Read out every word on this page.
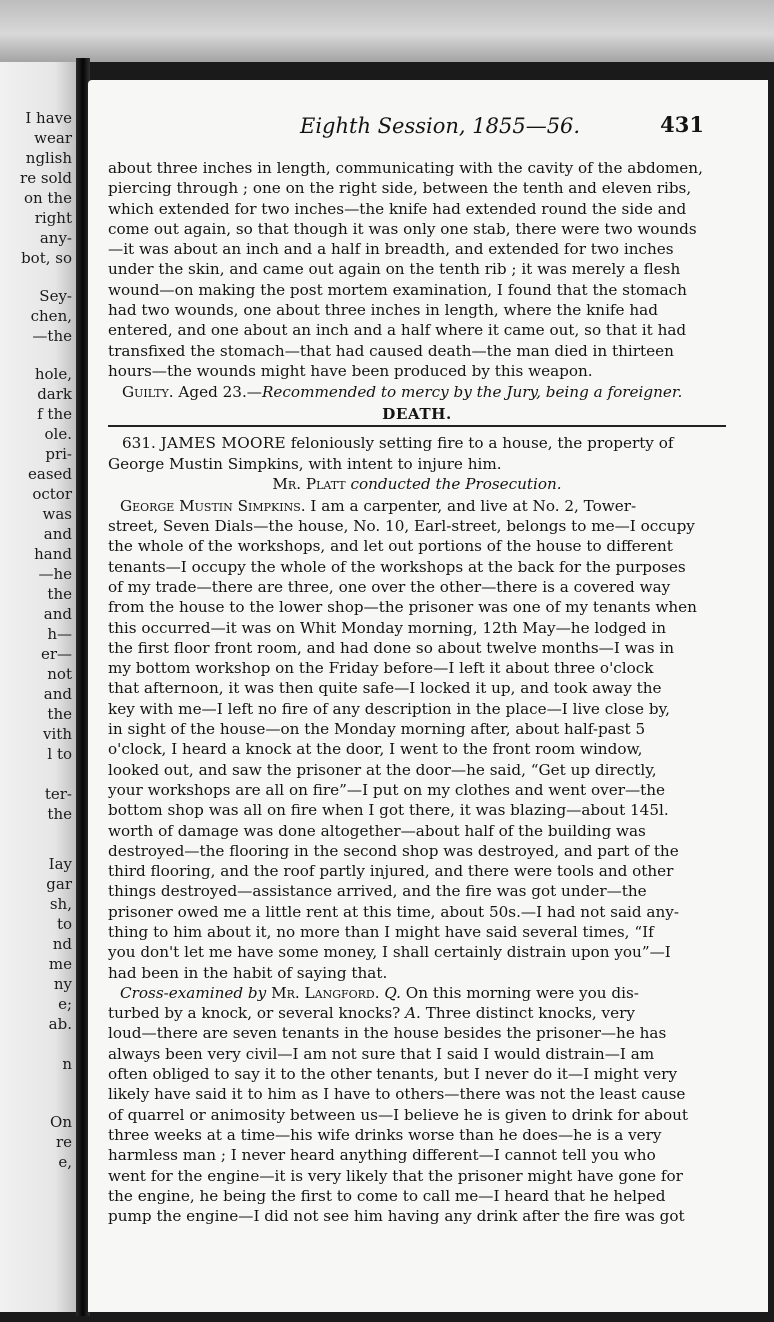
I have
wear
nglish
re sold
on the
right
any-
bot, so
Sey-
chen,
—the
hole,
dark
f the
ole.
pri-
eased
octor
was
and
hand
—he
the
and
h—
er—
not
and
the
vith
l to
ter-
the
Iay
gar
sh,
to
nd
me
ny
e;
ab.
n
On
re
e,
Eighth Session, 1855—56.	431

about three inches in length, communicating with the cavity of the abdomen,

piercing through ; one on the right side, between the tenth and eleven ribs,

which extended for two inches—the knife had extended round the side and

come out again, so that though it was only one stab, there were two wounds

—it was about an inch and a half in breadth, and extended for two inches

under the skin, and came out again on the tenth rib ; it was merely a flesh

wound—on making the post mortem examination, I found that the stomach

had two wounds, one about three inches in length, where the knife had

entered, and one about an inch and a half where it came out, so that it had

transfixed the stomach—that had caused death—the man died in thirteen

hours—the wounds might have been produced by this weapon.

Guilty. Aged 23.—Recommended to mercy by the Jury, being a foreigner.

DEATH.

631. JAMES MOORE feloniously setting fire to a house, the property of

George Mustin Simpkins, with intent to injure him.

Mr. Platt conducted the Prosecution.

George Mustin Simpkins. I am a carpenter, and live at No. 2, Tower-

street, Seven Dials—the house, No. 10, Earl-street, belongs to me—I occupy

the whole of the workshops, and let out portions of the house to different

tenants—I occupy the whole of the workshops at the back for the purposes

of my trade—there are three, one over the other—there is a covered way

from the house to the lower shop—the prisoner was one of my tenants when

this occurred—it was on Whit Monday morning, 12th May—he lodged in

the first floor front room, and had done so about twelve months—I was in

my bottom workshop on the Friday before—I left it about three o'clock

that afternoon, it was then quite safe—I locked it up, and took away the

key with me—I left no fire of any description in the place—I live close by,

in sight of the house—on the Monday morning after, about half-past 5

o'clock, I heard a knock at the door, I went to the front room window,

looked out, and saw the prisoner at the door—he said, “Get up directly,

your workshops are all on fire”—I put on my clothes and went over—the

bottom shop was all on fire when I got there, it was blazing—about 145l.

worth of damage was done altogether—about half of the building was

destroyed—the flooring in the second shop was destroyed, and part of the

third flooring, and the roof partly injured, and there were tools and other

things destroyed—assistance arrived, and the fire was got under—the

prisoner owed me a little rent at this time, about 50s.—I had not said any-

thing to him about it, no more than I might have said several times, “If

you don't let me have some money, I shall certainly distrain upon you”—I

had been in the habit of saying that.

Cross-examined by Mr. Langford. Q. On this morning were you dis-

turbed by a knock, or several knocks? A. Three distinct knocks, very

loud—there are seven tenants in the house besides the prisoner—he has

always been very civil—I am not sure that I said I would distrain—I am

often obliged to say it to the other tenants, but I never do it—I might very

likely have said it to him as I have to others—there was not the least cause

of quarrel or animosity between us—I believe he is given to drink for about

three weeks at a time—his wife drinks worse than he does—he is a very

harmless man ; I never heard anything different—I cannot tell you who

went for the engine—it is very likely that the prisoner might have gone for

the engine, he being the first to come to call me—I heard that he helped

pump the engine—I did not see him having any drink after the fire was got
